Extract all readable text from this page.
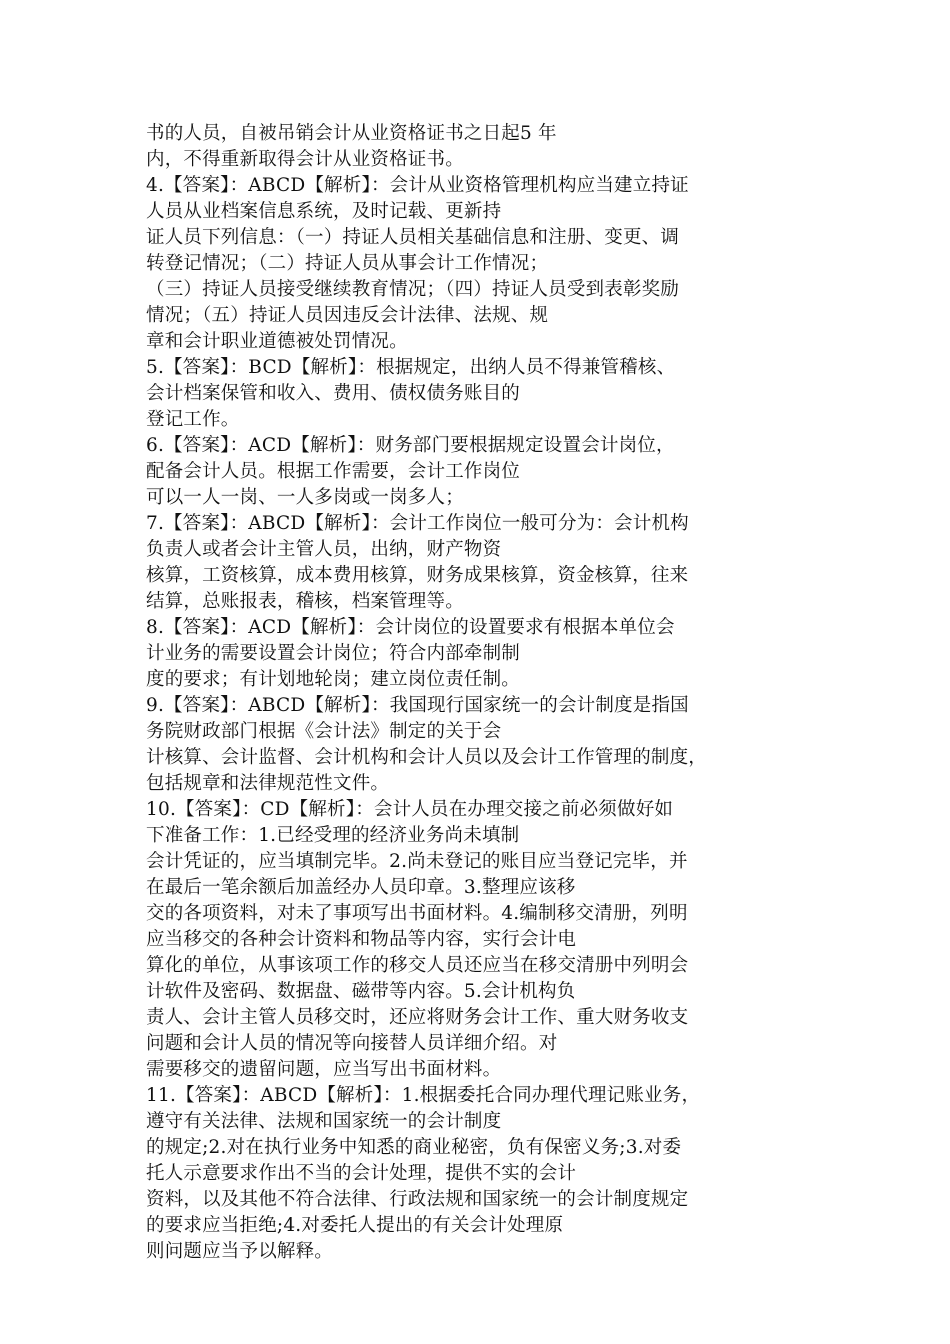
书的人员，自被吊销会计从业资格证书之日起5 年
内，不得重新取得会计从业资格证书。
4.【答案】：ABCD【解析】：会计从业资格管理机构应当建立持证
人员从业档案信息系统，及时记载、更新持
证人员下列信息：（一）持证人员相关基础信息和注册、变更、调
转登记情况；（二）持证人员从事会计工作情况；
（三）持证人员接受继续教育情况；（四）持证人员受到表彰奖励
情况；（五）持证人员因违反会计法律、法规、规
章和会计职业道德被处罚情况。
5.【答案】：BCD【解析】：根据规定，出纳人员不得兼管稽核、
会计档案保管和收入、费用、债权债务账目的
登记工作。
6.【答案】：ACD【解析】：财务部门要根据规定设置会计岗位，
配备会计人员。根据工作需要，会计工作岗位
可以一人一岗、一人多岗或一岗多人；
7.【答案】：ABCD【解析】：会计工作岗位一般可分为：会计机构
负责人或者会计主管人员，出纳，财产物资
核算，工资核算，成本费用核算，财务成果核算，资金核算，往来
结算，总账报表，稽核，档案管理等。
8.【答案】：ACD【解析】：会计岗位的设置要求有根据本单位会
计业务的需要设置会计岗位；符合内部牵制制
度的要求；有计划地轮岗；建立岗位责任制。
9.【答案】：ABCD【解析】：我国现行国家统一的会计制度是指国
务院财政部门根据《会计法》制定的关于会
计核算、会计监督、会计机构和会计人员以及会计工作管理的制度，
包括规章和法律规范性文件。
10.【答案】：CD【解析】：会计人员在办理交接之前必须做好如
下准备工作：1.已经受理的经济业务尚未填制
会计凭证的，应当填制完毕。2.尚未登记的账目应当登记完毕，并
在最后一笔余额后加盖经办人员印章。3.整理应该移
交的各项资料，对未了事项写出书面材料。4.编制移交清册，列明
应当移交的各种会计资料和物品等内容，实行会计电
算化的单位，从事该项工作的移交人员还应当在移交清册中列明会
计软件及密码、数据盘、磁带等内容。5.会计机构负
责人、会计主管人员移交时，还应将财务会计工作、重大财务收支
问题和会计人员的情况等向接替人员详细介绍。对
需要移交的遗留问题，应当写出书面材料。
11.【答案】：ABCD【解析】：1.根据委托合同办理代理记账业务，
遵守有关法律、法规和国家统一的会计制度
的规定;2.对在执行业务中知悉的商业秘密，负有保密义务;3.对委
托人示意要求作出不当的会计处理，提供不实的会计
资料，以及其他不符合法律、行政法规和国家统一的会计制度规定
的要求应当拒绝;4.对委托人提出的有关会计处理原
则问题应当予以解释。
